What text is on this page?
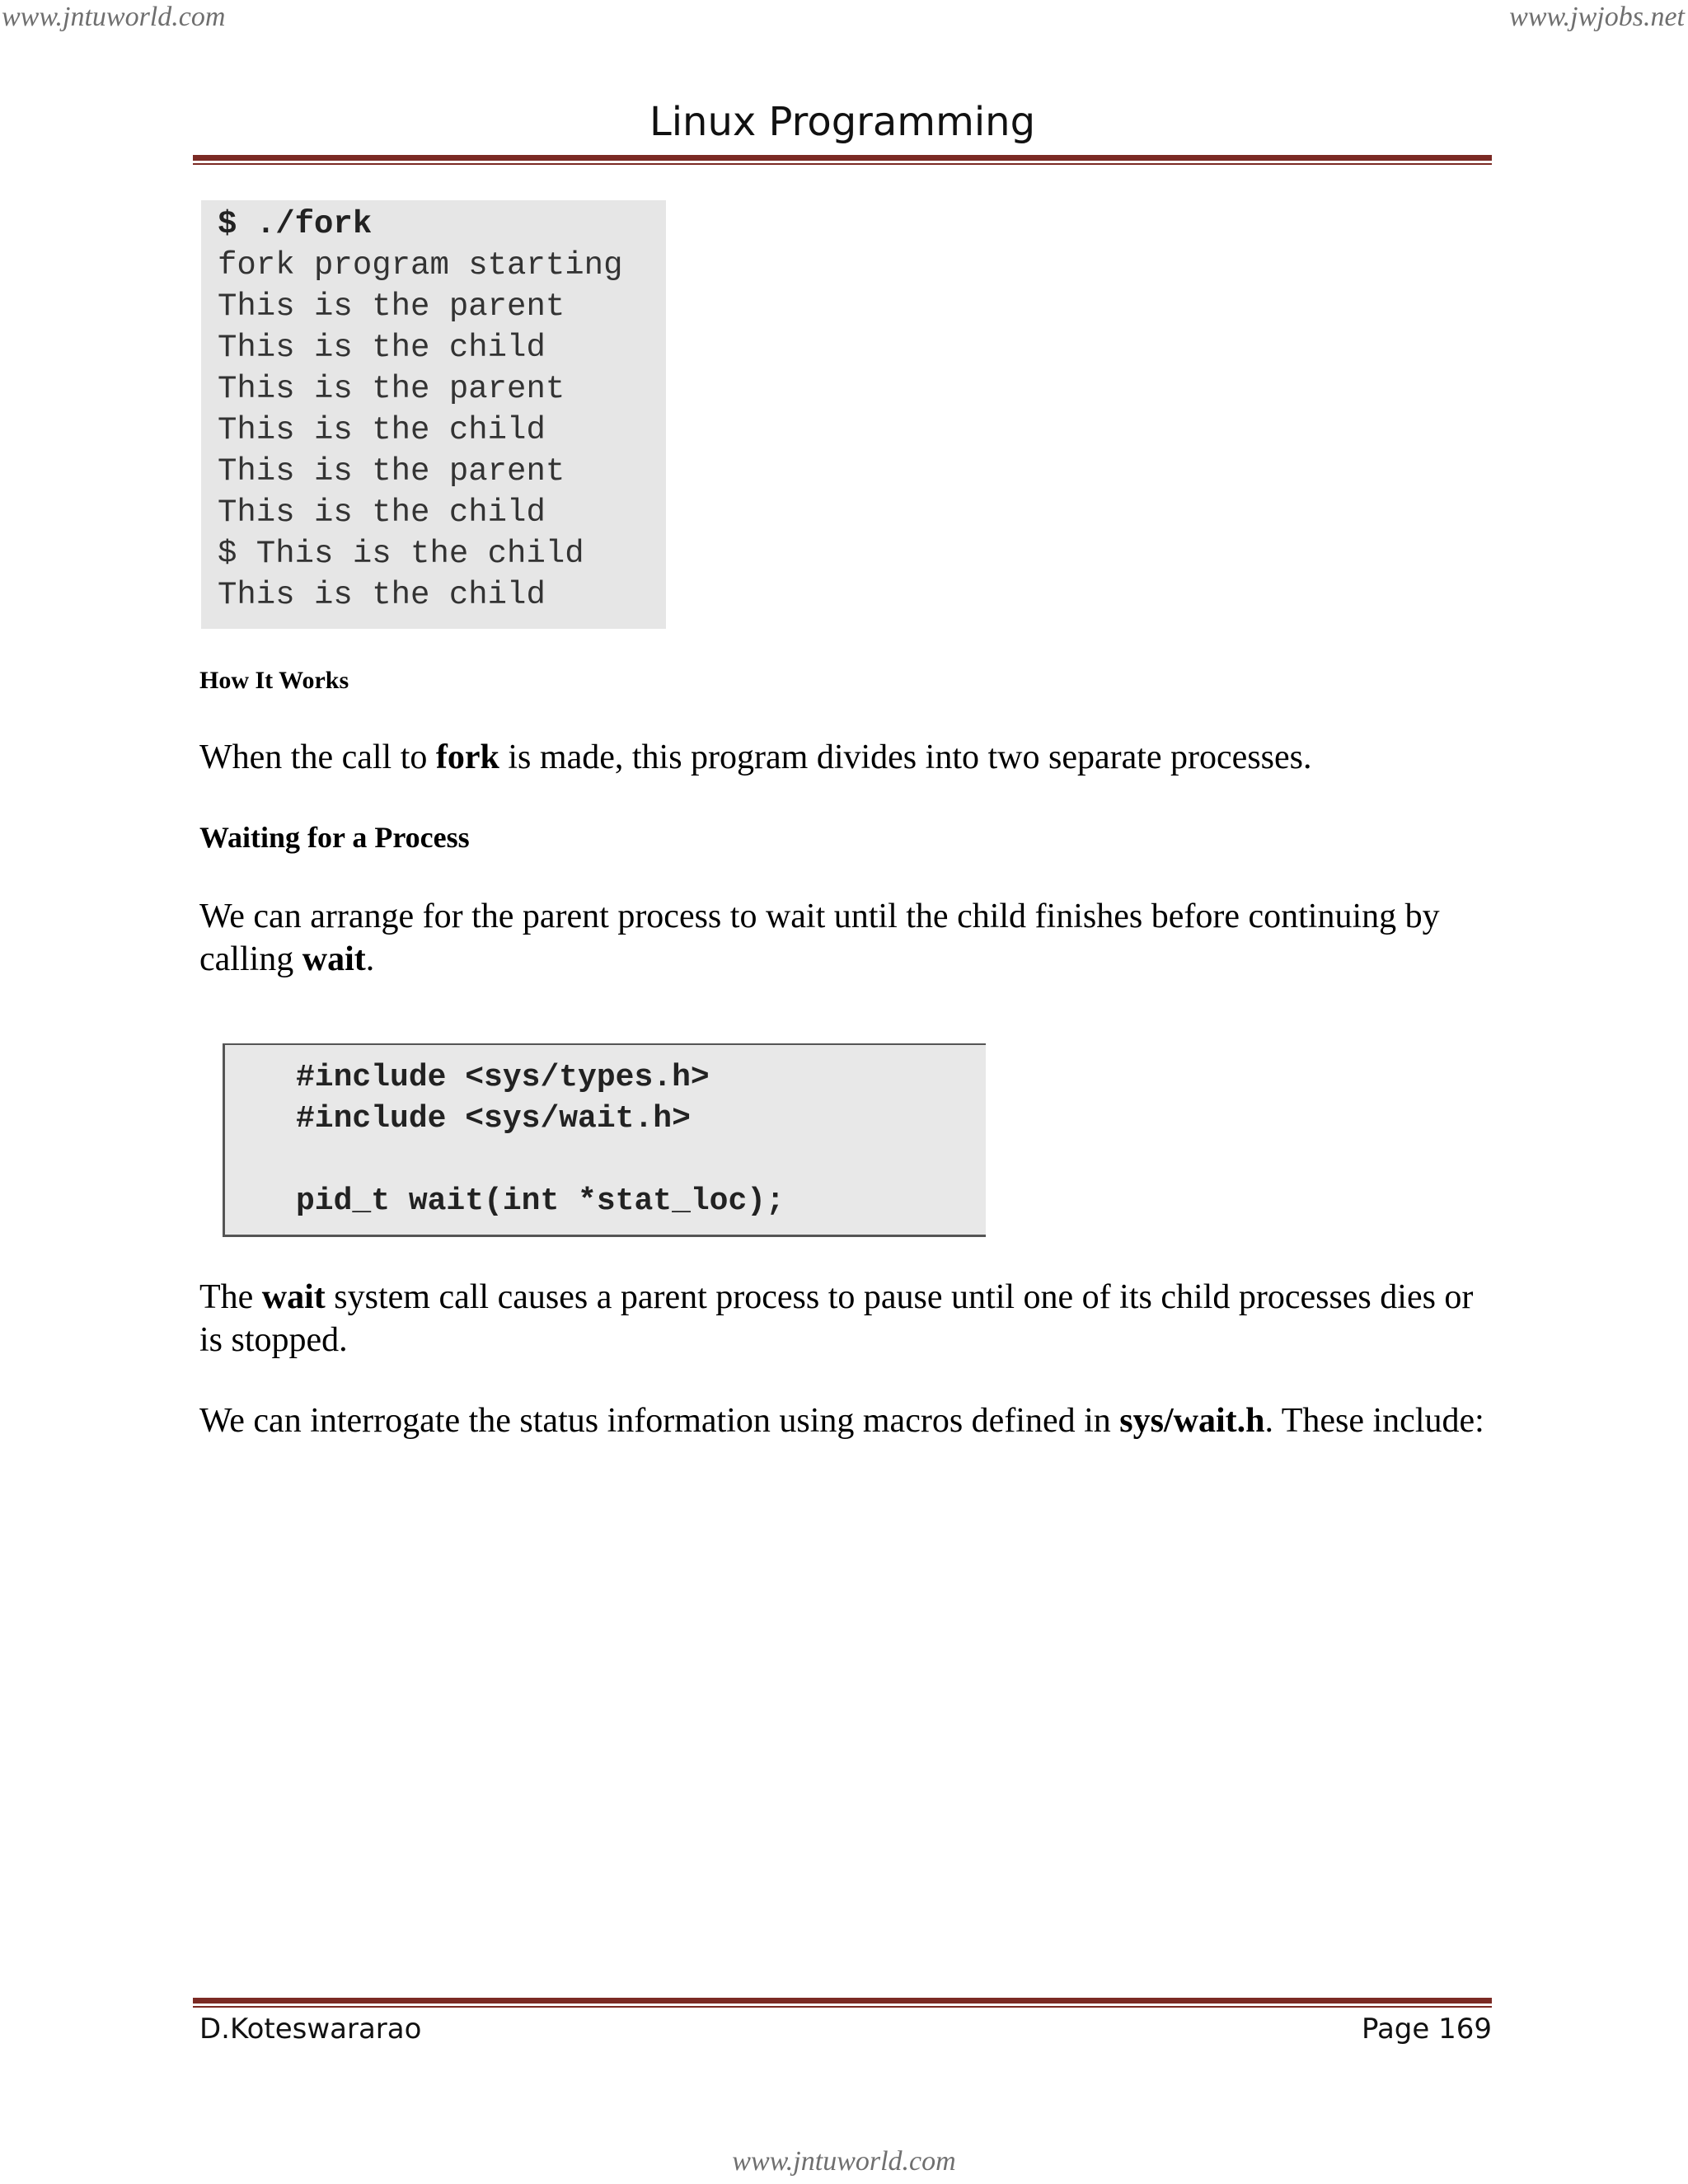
www.jntuworld.com	www.jwjobs.net
Linux Programming
$ ./fork
fork program starting
This is the parent
This is the child
This is the parent
This is the child
This is the parent
This is the child
$ This is the child
This is the child
How It Works
When the call to fork is made, this program divides into two separate processes.
Waiting for a Process
We can arrange for the parent process to wait until the child finishes before continuing by calling wait.
#include <sys/types.h>
#include <sys/wait.h>
pid_t wait(int *stat_loc);
The wait system call causes a parent process to pause until one of its child processes dies or is stopped.
We can interrogate the status information using macros defined in sys/wait.h. These include:
D.Koteswararao	Page 169
www.jntuworld.com
